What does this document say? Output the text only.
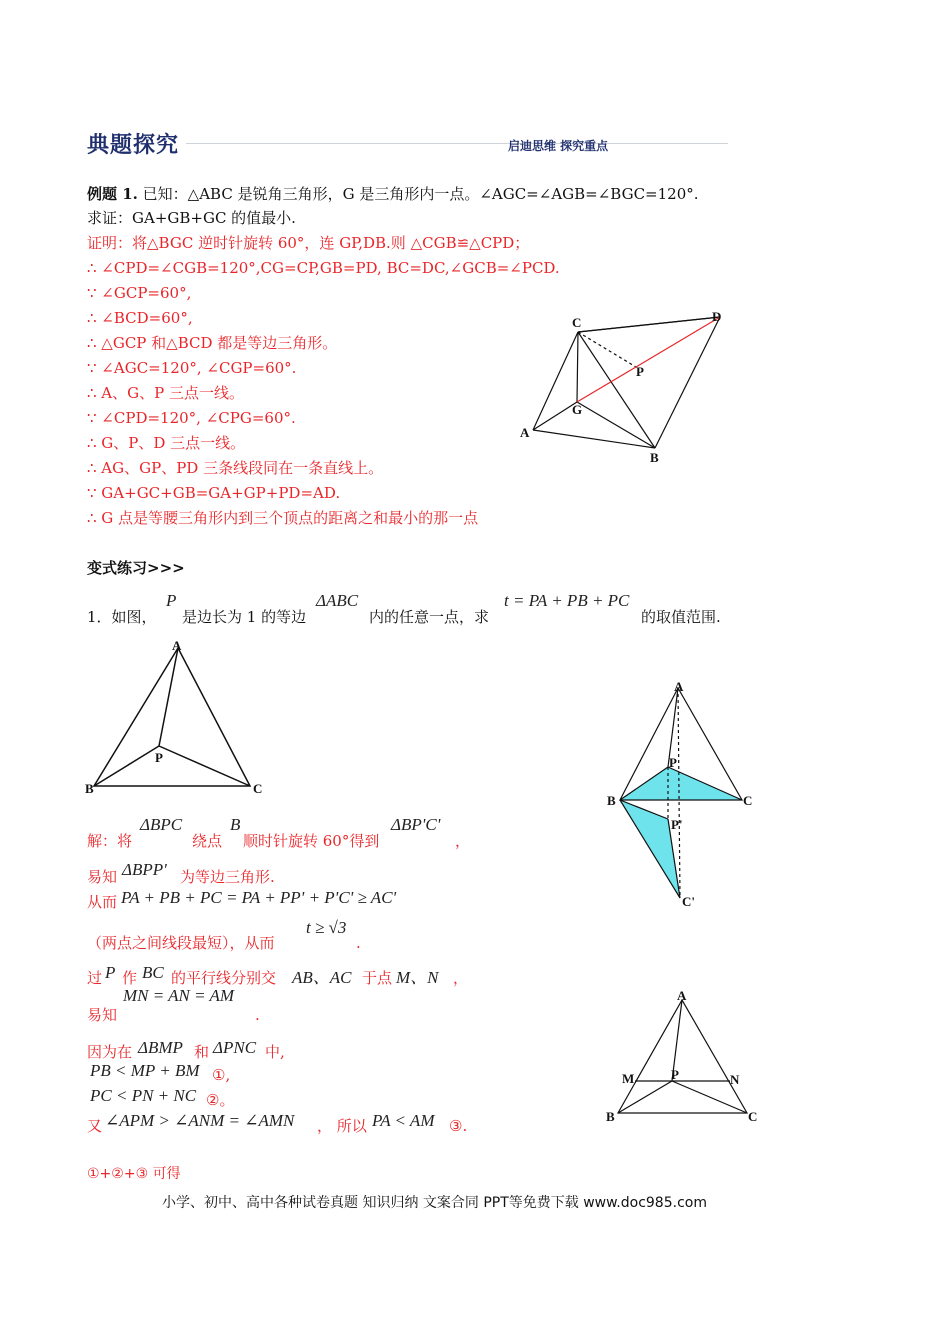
典题探究	启迪思维 探究重点
例题 1. 已知：△ABC 是锐角三角形，G 是三角形内一点。∠AGC=∠AGB=∠BGC=120°.
求证：GA+GB+GC 的值最小.
证明：将△BGC 逆时针旋转 60°，连 GP,DB.则 △CGB≌△CPD；
∴ ∠CPD=∠CGB=120°,CG=CP,GB=PD, BC=DC,∠GCB=∠PCD.
∵ ∠GCP=60°,
∴ ∠BCD=60°,
∴ △GCP 和△BCD 都是等边三角形。
∵ ∠AGC=120°, ∠CGP=60°.
∴ A、G、P 三点一线。
∵ ∠CPD=120°, ∠CPG=60°.
∴ G、P、D 三点一线。
∴ AG、GP、PD 三条线段同在一条直线上。
∵ GA+GC+GB=GA+GP+PD=AD.
∴ G 点是等腰三角形内到三个顶点的距离之和最小的那一点
C	D
P
G
A
B
变式练习>>>
1．如图，
P
是边长为 1 的等边
ΔABC
内的任意一点，求
t = PA + PB + PC
的取值范围.
A
P
B	C
A
P
B	C
P'
C'
解：将
ΔBPC
绕点
B
顺时针旋转 60°得到
ΔBP'C'
，
易知 ΔBPP' 为等边三角形.
从而 PA + PB + PC = PA + PP' + P'C' ≥ AC'
（两点之间线段最短），从而
t ≥ √3
.
过 P 作 BC 的平行线分别交 AB、AC 于点 M、N ，
MN = AN = AM
易知	.
因为在 ΔBMP 和 ΔPNC 中,
PB < MP + BM ①,
PC < PN + NC ②。
又 ∠APM > ∠ANM = ∠AMN ， 所以 PA < AM ③.
①+②+③ 可得
A
M	P	N
B	C
小学、初中、高中各种试卷真题 知识归纳 文案合同 PPT等免费下载 www.doc985.com
